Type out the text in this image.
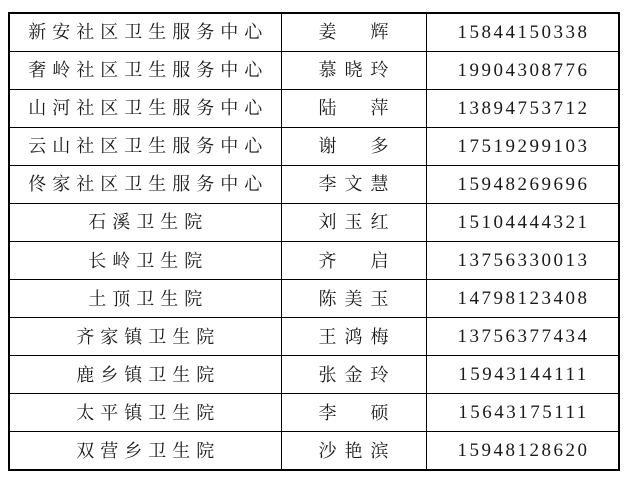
新安社区卫生服务中心	姜　辉	15844150338
奢岭社区卫生服务中心	慕晓玲	19904308776
山河社区卫生服务中心	陆　萍	13894753712
云山社区卫生服务中心	谢　多	17519299103
佟家社区卫生服务中心	李文慧	15948269696
石溪卫生院	刘玉红	15104444321
长岭卫生院	齐　启	13756330013
土顶卫生院	陈美玉	14798123408
齐家镇卫生院	王鸿梅	13756377434
鹿乡镇卫生院	张金玲	15943144111
太平镇卫生院	李　硕	15643175111
双营乡卫生院	沙艳滨	15948128620
